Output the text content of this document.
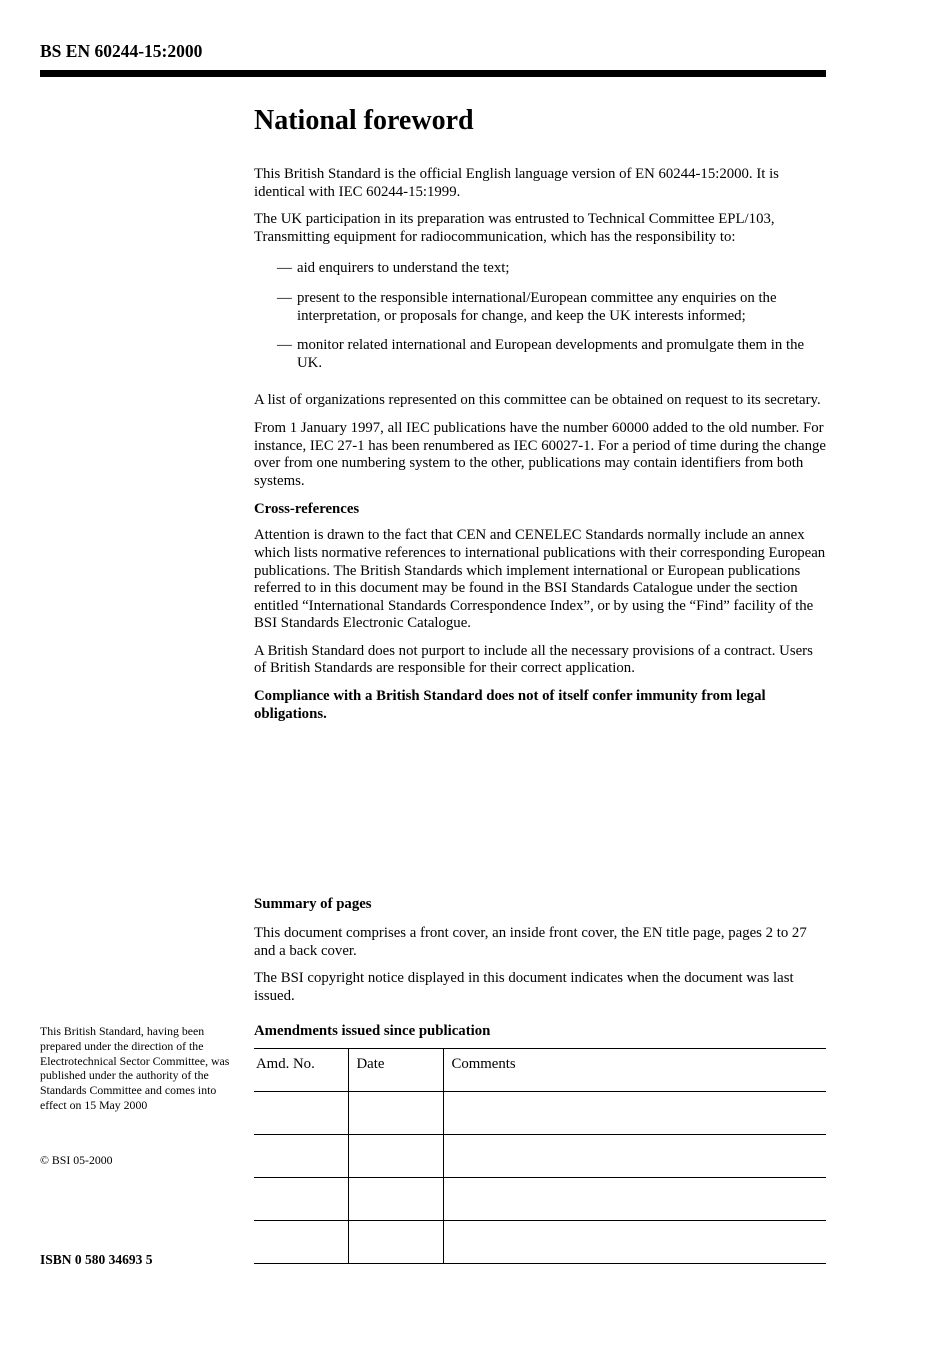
BS EN 60244-15:2000
National foreword

This British Standard is the official English language version of EN 60244-15:2000. It is identical with IEC 60244-15:1999.

The UK participation in its preparation was entrusted to Technical Committee EPL/103, Transmitting equipment for radiocommunication, which has the responsibility to:

— aid enquirers to understand the text;
— present to the responsible international/European committee any enquiries on the interpretation, or proposals for change, and keep the UK interests informed;
— monitor related international and European developments and promulgate them in the UK.

A list of organizations represented on this committee can be obtained on request to its secretary.

From 1 January 1997, all IEC publications have the number 60000 added to the old number. For instance, IEC 27-1 has been renumbered as IEC 60027-1. For a period of time during the change over from one numbering system to the other, publications may contain identifiers from both systems.

Cross-references

Attention is drawn to the fact that CEN and CENELEC Standards normally include an annex which lists normative references to international publications with their corresponding European publications. The British Standards which implement international or European publications referred to in this document may be found in the BSI Standards Catalogue under the section entitled “International Standards Correspondence Index”, or by using the “Find” facility of the BSI Standards Electronic Catalogue.

A British Standard does not purport to include all the necessary provisions of a contract. Users of British Standards are responsible for their correct application.

Compliance with a British Standard does not of itself confer immunity from legal obligations.

Summary of pages

This document comprises a front cover, an inside front cover, the EN title page, pages 2 to 27 and a back cover.

The BSI copyright notice displayed in this document indicates when the document was last issued.

Amendments issued since publication
Amd. No.	Date	Comments

This British Standard, having been prepared under the direction of the Electrotechnical Sector Committee, was published under the authority of the Standards Committee and comes into effect on 15 May 2000
© BSI 05-2000
ISBN 0 580 34693 5
